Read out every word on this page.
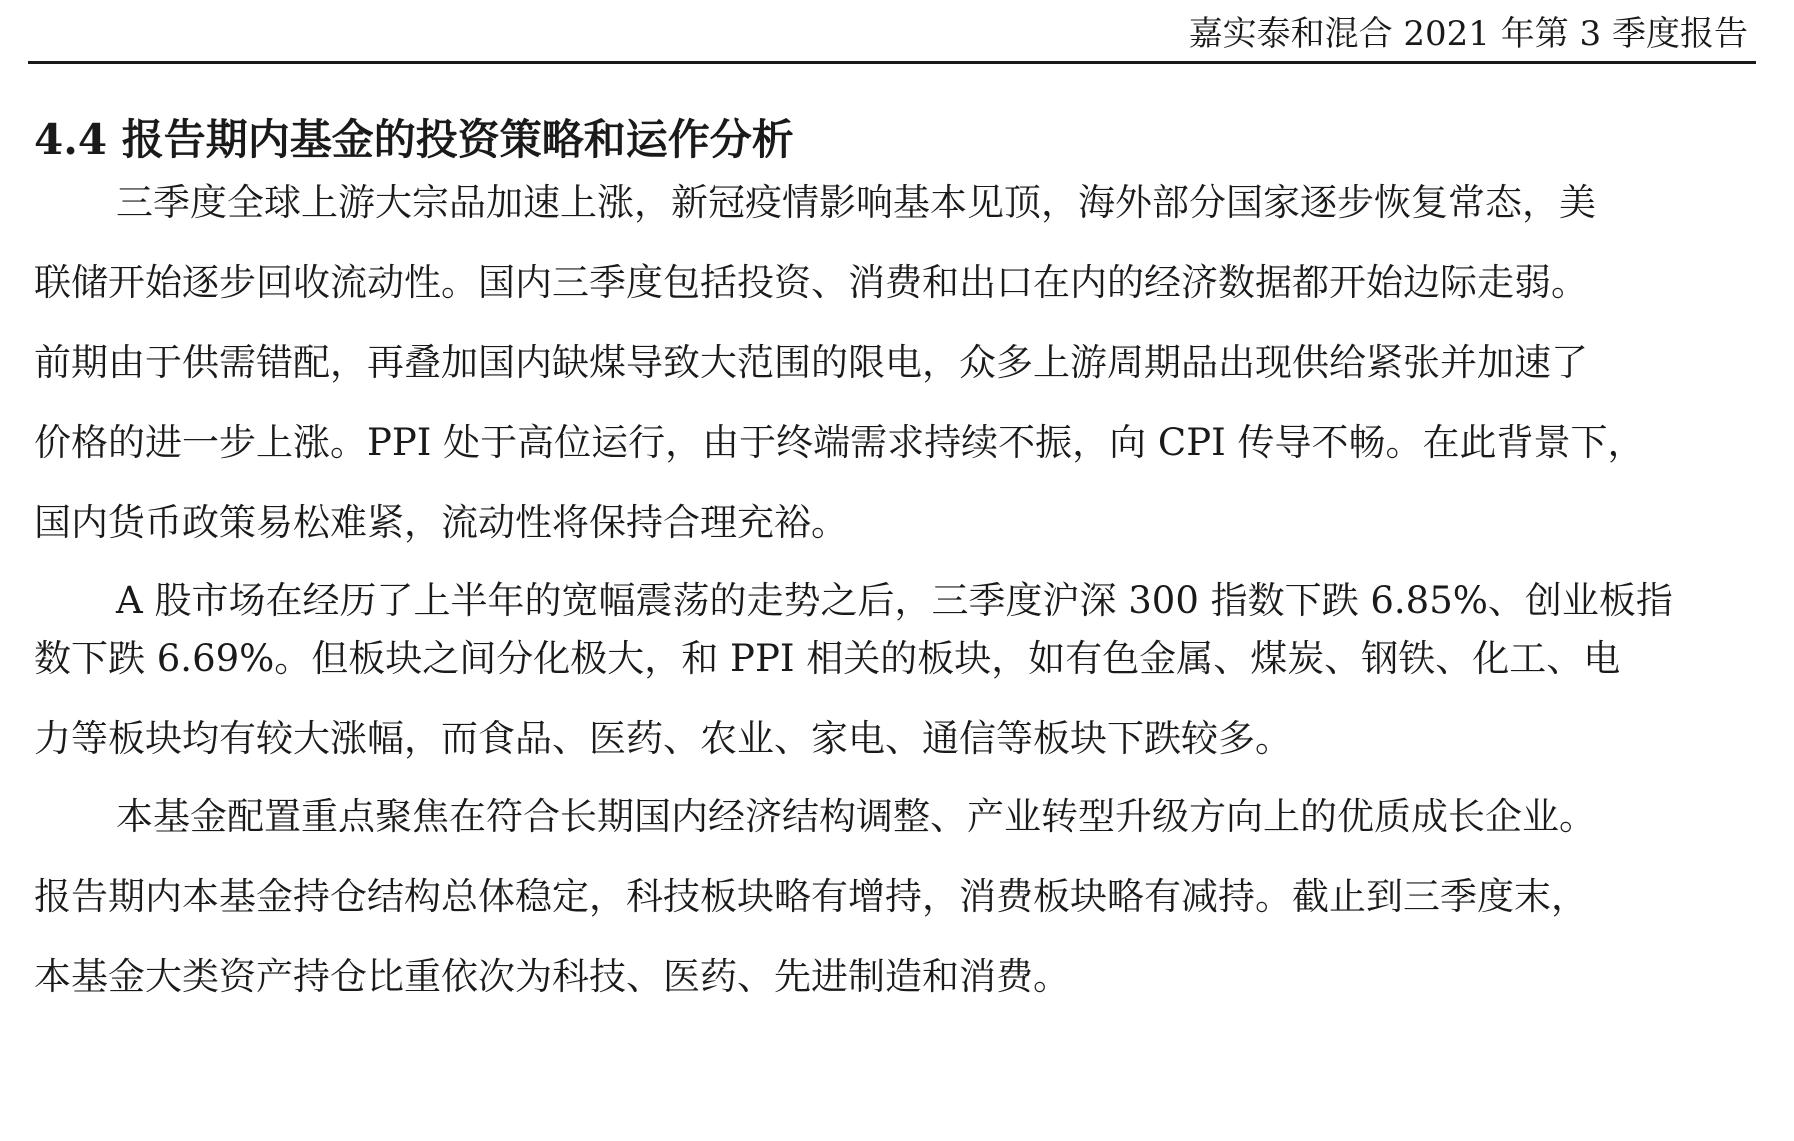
嘉实泰和混合 2021 年第 3 季度报告
4.4 报告期内基金的投资策略和运作分析
三季度全球上游大宗品加速上涨，新冠疫情影响基本见顶，海外部分国家逐步恢复常态，美
联储开始逐步回收流动性。国内三季度包括投资、消费和出口在内的经济数据都开始边际走弱。
前期由于供需错配，再叠加国内缺煤导致大范围的限电，众多上游周期品出现供给紧张并加速了
价格的进一步上涨。PPI 处于高位运行，由于终端需求持续不振，向 CPI 传导不畅。在此背景下，
国内货币政策易松难紧，流动性将保持合理充裕。
A 股市场在经历了上半年的宽幅震荡的走势之后，三季度沪深 300 指数下跌 6.85%、创业板指
数下跌 6.69%。但板块之间分化极大，和 PPI 相关的板块，如有色金属、煤炭、钢铁、化工、电
力等板块均有较大涨幅，而食品、医药、农业、家电、通信等板块下跌较多。
本基金配置重点聚焦在符合长期国内经济结构调整、产业转型升级方向上的优质成长企业。
报告期内本基金持仓结构总体稳定，科技板块略有增持，消费板块略有减持。截止到三季度末，
本基金大类资产持仓比重依次为科技、医药、先进制造和消费。
